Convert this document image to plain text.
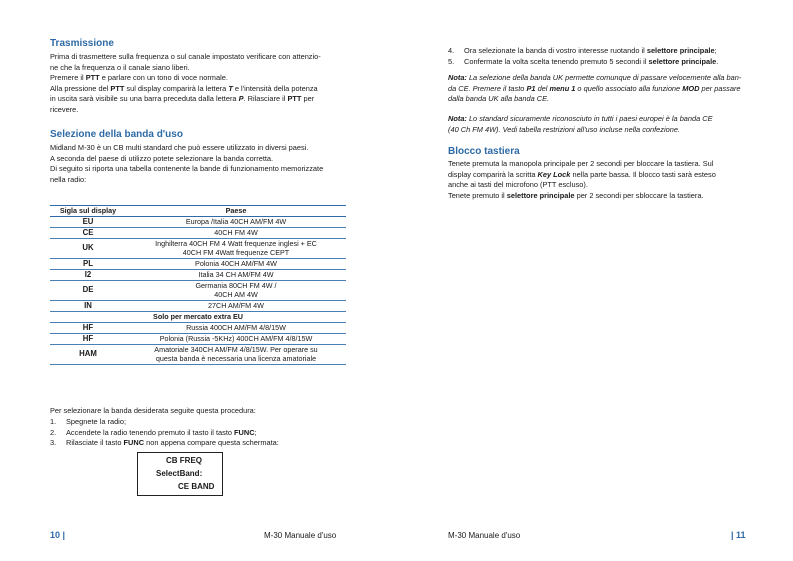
Trasmissione
Prima di trasmettere sulla frequenza o sul canale impostato verificare con attenzio-
ne che la frequenza o il canale siano liberi.
Premere il PTT e parlare con un tono di voce normale.
Alla pressione del PTT sul display comparirà la lettera T e l'intensità della potenza
in uscita sarà visibile su una barra preceduta dalla lettera P. Rilasciare il PTT per
ricevere.
Selezione della banda d'uso
Midland M-30 è un CB multi standard che può essere utilizzato in diversi paesi.
A seconda del paese di utilizzo potete selezionare la banda corretta.
Di seguito si riporta una tabella contenente la bande di funzionamento memorizzate
nella radio:
Sigla sul display	Paese
EU	Europa /Italia 40CH AM/FM 4W
CE	40CH FM 4W
UK	Inghilterra 40CH FM 4 Watt frequenze inglesi + EC
40CH FM 4Watt frequenze CEPT

PL	Polonia 40CH AM/FM 4W
I2	Italia 34 CH AM/FM 4W
DE	Germania 80CH FM 4W /
40CH AM 4W

IN	27CH AM/FM 4W
Solo per mercato extra EU	
HF	Russia 400CH AM/FM 4/8/15W
HF	Polonia (Russia -5KHz) 400CH AM/FM 4/8/15W
HAM	Amatoriale 340CH AM/FM 4/8/15W. Per operare su
questa banda è necessaria una licenza amatoriale
Per selezionare la banda desiderata seguite questa procedura:
1. Spegnete la radio;
2. Accendete la radio tenendo premuto il tasto il tasto FUNC;
3. Rilasciate il tasto FUNC non appena compare questa schermata:
CB FREQ
SelectBand:
CE BAND
10 |	M-30 Manuale d'uso
4. Ora selezionate la banda di vostro interesse ruotando il selettore principale;
5. Confermate la volta scelta tenendo premuto 5 secondi il selettore principale.
Nota: La selezione della banda UK permette comunque di passare velocemente alla ban-
da CE. Premere il tasto P1 del menu 1 o quello associato alla funzione MOD per passare
dalla banda UK alla banda CE.
Nota: Lo standard sicuramente riconosciuto in tutti i paesi europei è la banda CE
(40 Ch FM 4W). Vedi tabella restrizioni all'uso incluse nella confezione.
Blocco tastiera
Tenete premuta la manopola principale per 2 secondi per bloccare la tastiera. Sul
display comparirà la scritta Key Lock nella parte bassa. Il blocco tasti sarà esteso
anche ai tasti del microfono (PTT escluso).
Tenete premuto il selettore principale per 2 secondi per sbloccare la tastiera.
M-30 Manuale d'uso	| 11
